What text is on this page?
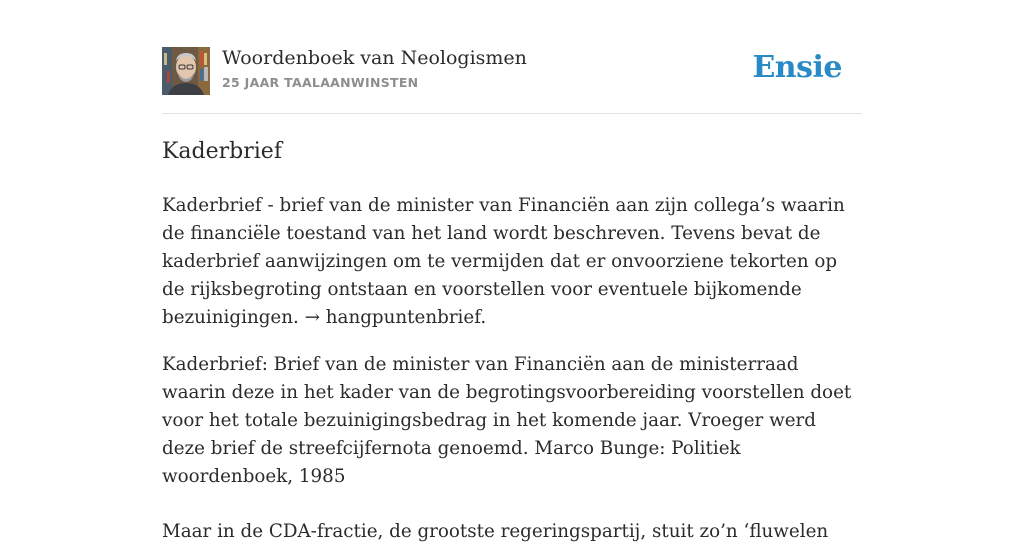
Woordenboek van Neologismen
25 JAAR TAALAANWINSTEN	Ensie
Kaderbrief

Kaderbrief - brief van de minister van Financiën aan zijn collega’s waarin de financiële toestand van het land wordt beschreven. Tevens bevat de kaderbrief aanwijzingen om te vermijden dat er onvoorziene tekorten op de rijksbegroting ontstaan en voorstellen voor eventuele bijkomende bezuinigingen. → hangpuntenbrief.

Kaderbrief: Brief van de minister van Financiën aan de ministerraad waarin deze in het kader van de begrotingsvoorbereiding voorstellen doet voor het totale bezuinigingsbedrag in het komende jaar. Vroeger werd deze brief de streefcijfernota genoemd. Marco Bunge: Politiek woordenboek, 1985

Maar in de CDA-fractie, de grootste regeringspartij, stuit zo’n ‘fluwelen
